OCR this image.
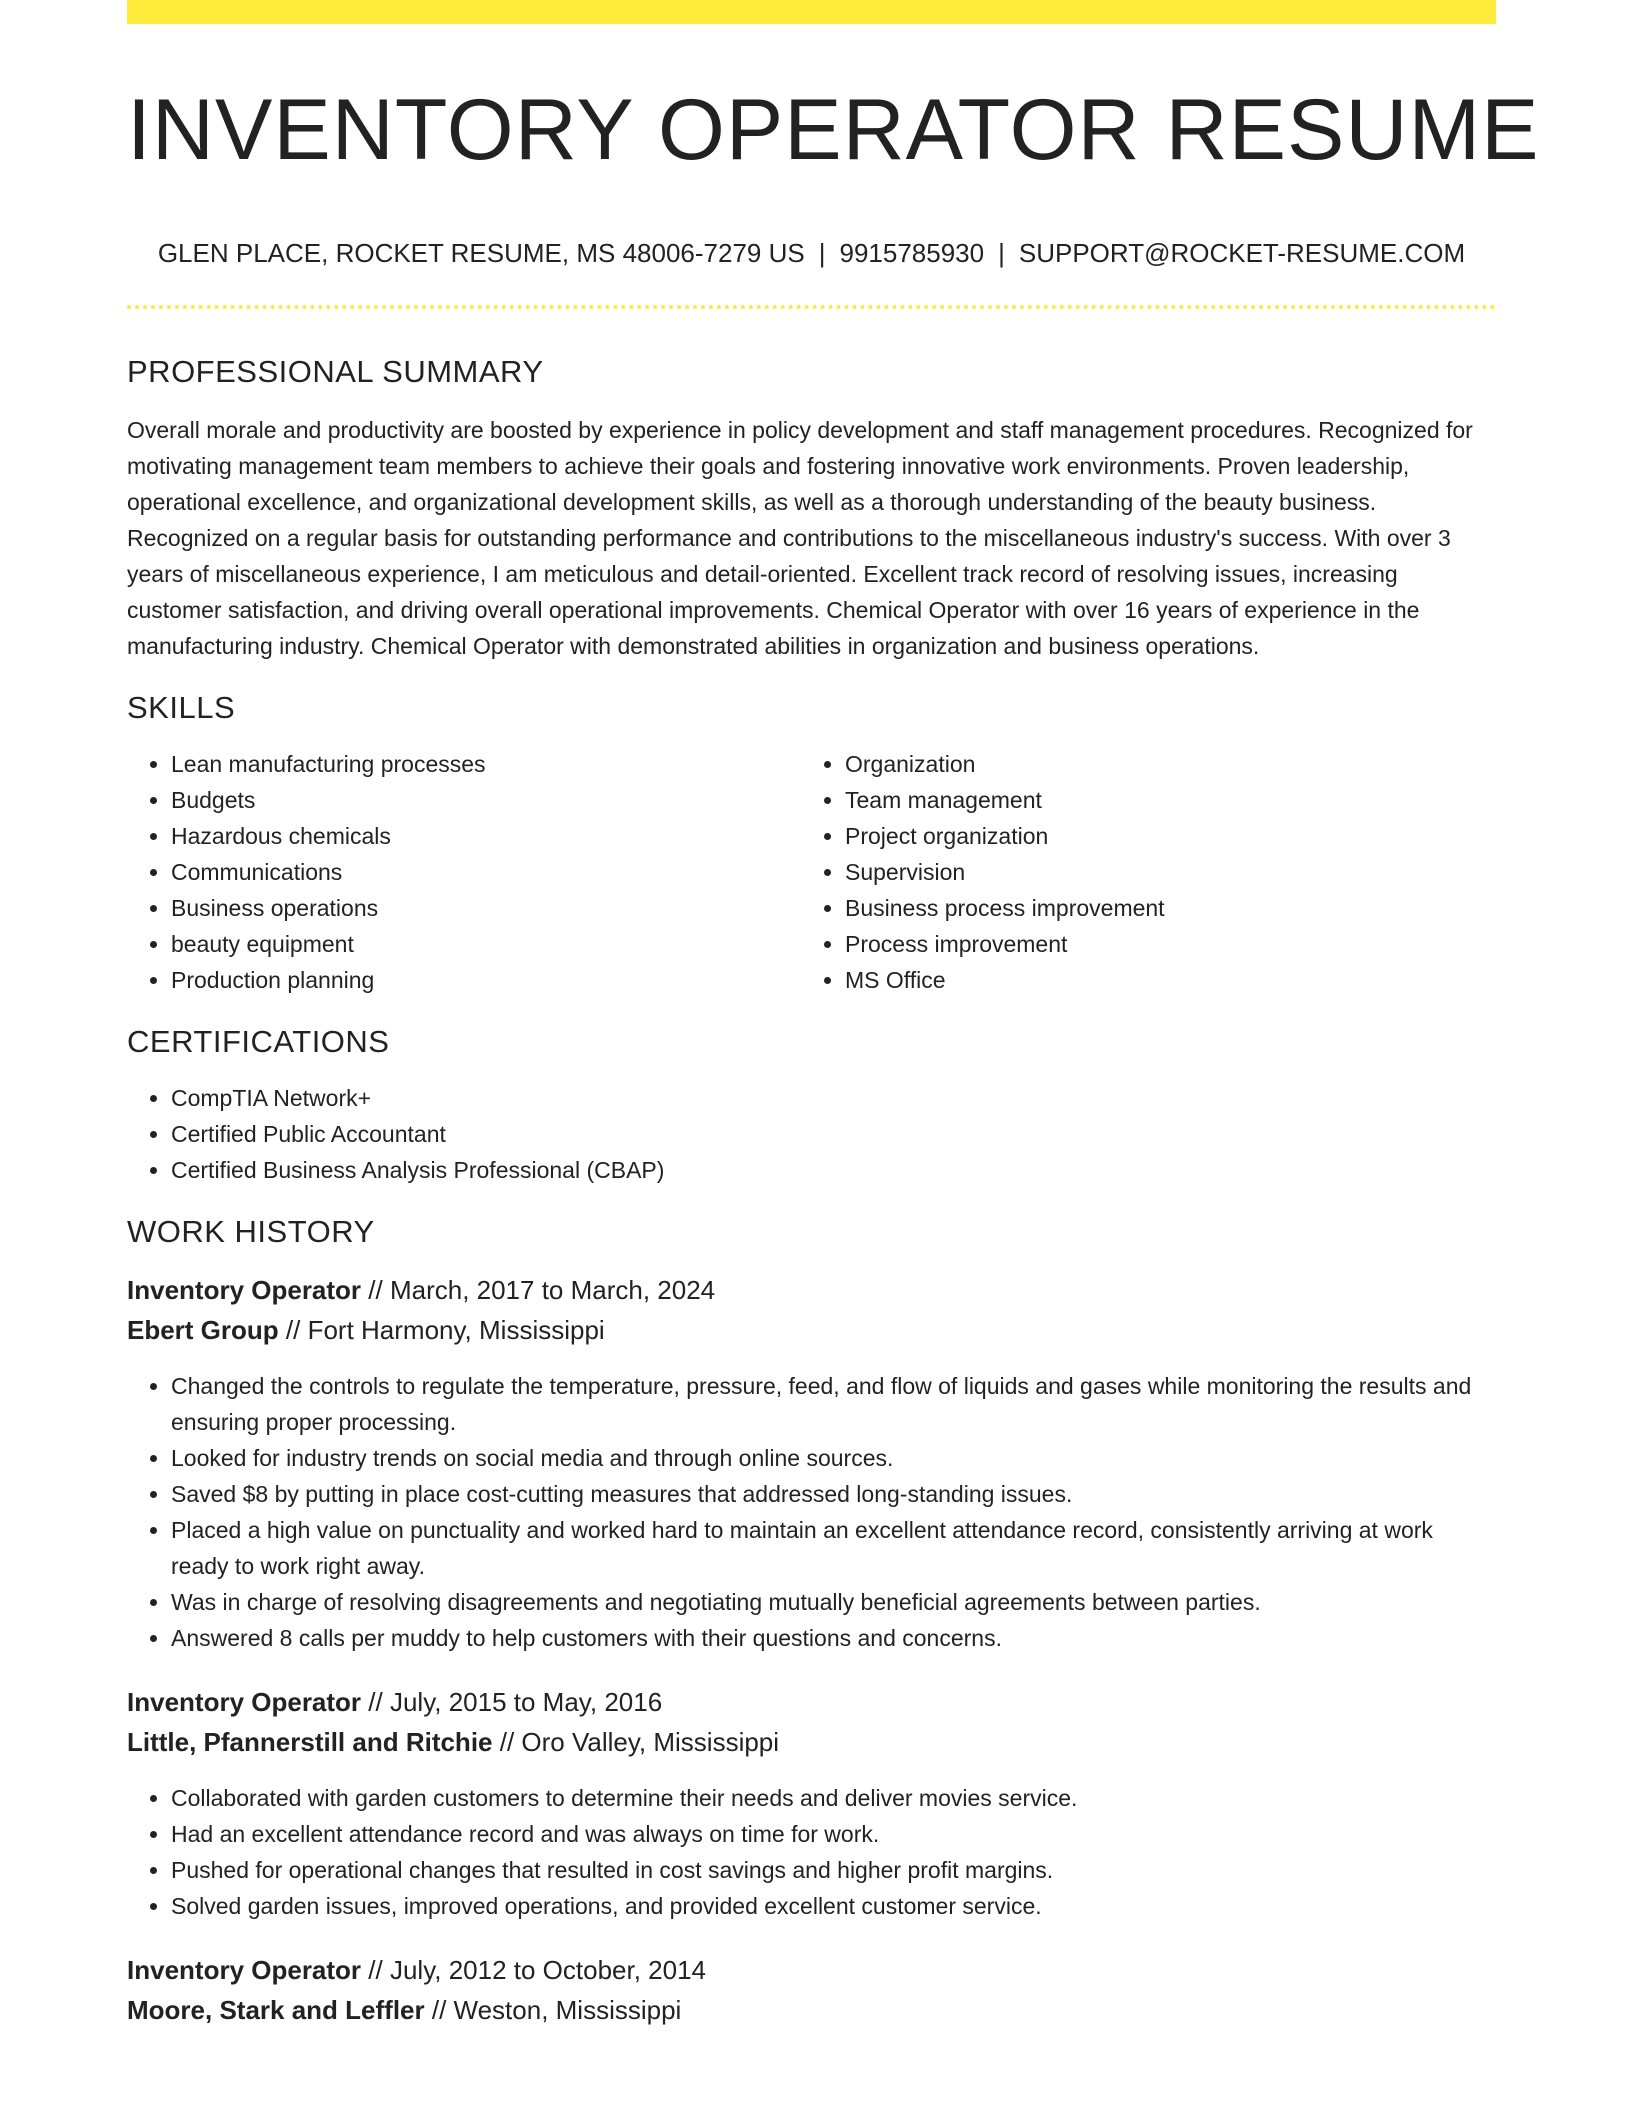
INVENTORY OPERATOR RESUME
GLEN PLACE, ROCKET RESUME, MS 48006-7279 US | 9915785930 | SUPPORT@ROCKET-RESUME.COM
PROFESSIONAL SUMMARY

Overall morale and productivity are boosted by experience in policy development and staff management procedures. Recognized for motivating management team members to achieve their goals and fostering innovative work environments. Proven leadership, operational excellence, and organizational development skills, as well as a thorough understanding of the beauty business. Recognized on a regular basis for outstanding performance and contributions to the miscellaneous industry's success. With over 3 years of miscellaneous experience, I am meticulous and detail-oriented. Excellent track record of resolving issues, increasing customer satisfaction, and driving overall operational improvements. Chemical Operator with over 16 years of experience in the manufacturing industry. Chemical Operator with demonstrated abilities in organization and business operations.

SKILLS
• Lean manufacturing processes
• Budgets
• Hazardous chemicals
• Communications
• Business operations
• beauty equipment
• Production planning
• Organization
• Team management
• Project organization
• Supervision
• Business process improvement
• Process improvement
• MS Office
CERTIFICATIONS
• CompTIA Network+
• Certified Public Accountant
• Certified Business Analysis Professional (CBAP)
WORK HISTORY
Inventory Operator // March, 2017 to March, 2024
Ebert Group // Fort Harmony, Mississippi
• Changed the controls to regulate the temperature, pressure, feed, and flow of liquids and gases while monitoring the results and ensuring proper processing.
• Looked for industry trends on social media and through online sources.
• Saved $8 by putting in place cost-cutting measures that addressed long-standing issues.
• Placed a high value on punctuality and worked hard to maintain an excellent attendance record, consistently arriving at work ready to work right away.
• Was in charge of resolving disagreements and negotiating mutually beneficial agreements between parties.
• Answered 8 calls per muddy to help customers with their questions and concerns.
Inventory Operator // July, 2015 to May, 2016
Little, Pfannerstill and Ritchie // Oro Valley, Mississippi
• Collaborated with garden customers to determine their needs and deliver movies service.
• Had an excellent attendance record and was always on time for work.
• Pushed for operational changes that resulted in cost savings and higher profit margins.
• Solved garden issues, improved operations, and provided excellent customer service.
Inventory Operator // July, 2012 to October, 2014
Moore, Stark and Leffler // Weston, Mississippi
